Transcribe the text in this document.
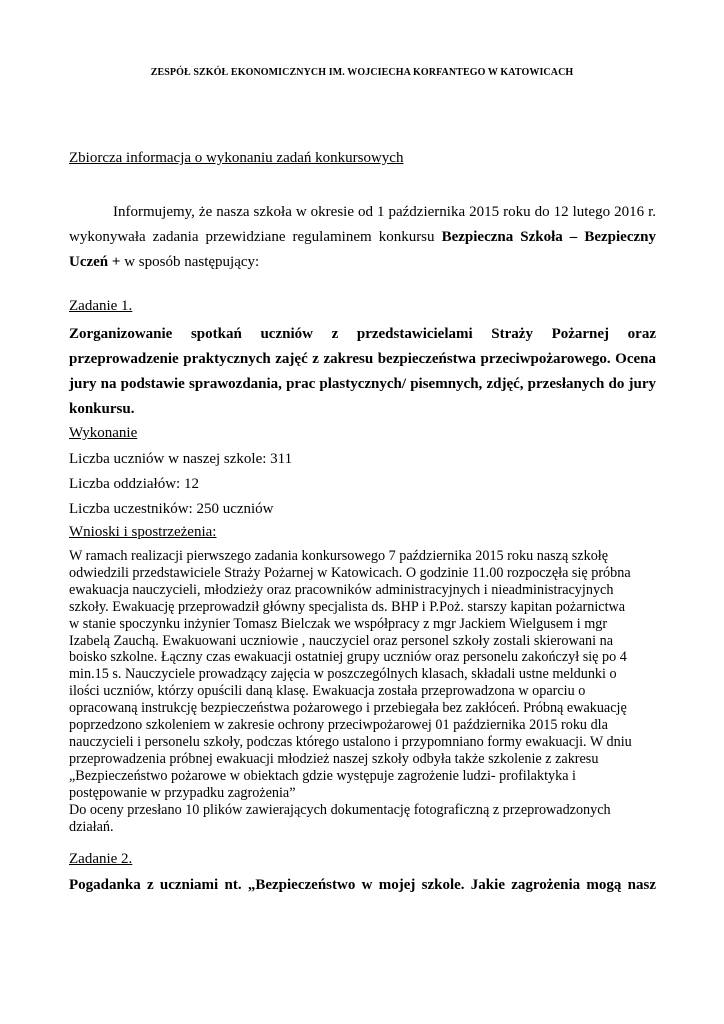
ZESPÓŁ SZKÓŁ EKONOMICZNYCH IM. WOJCIECHA KORFANTEGO W KATOWICACH
Zbiorcza informacja o wykonaniu zadań konkursowych
Informujemy, że nasza szkoła w okresie od 1 października 2015 roku do 12 lutego 2016 r. wykonywała zadania przewidziane regulaminem konkursu Bezpieczna Szkoła – Bezpieczny Uczeń + w sposób następujący:
Zadanie 1.
Zorganizowanie spotkań uczniów z przedstawicielami Straży Pożarnej oraz przeprowadzenie praktycznych zajęć z zakresu bezpieczeństwa przeciwpożarowego. Ocena jury na podstawie sprawozdania, prac plastycznych/ pisemnych, zdjęć, przesłanych do jury konkursu.
Wykonanie
Liczba uczniów w naszej szkole: 311
Liczba oddziałów: 12
Liczba uczestników: 250 uczniów
Wnioski i spostrzeżenia:
W ramach realizacji pierwszego zadania konkursowego 7 października 2015 roku naszą szkołę
odwiedzili przedstawiciele Straży Pożarnej w Katowicach. O godzinie 11.00 rozpoczęła się próbna
ewakuacja nauczycieli, młodzieży oraz pracowników administracyjnych i nieadministracyjnych
szkoły. Ewakuację przeprowadził główny specjalista ds. BHP i P.Poż. starszy kapitan pożarnictwa
w stanie spoczynku inżynier Tomasz Bielczak we współpracy z mgr Jackiem Wielgusem i mgr
Izabelą Zauchą. Ewakuowani uczniowie , nauczyciel oraz personel szkoły zostali skierowani na
boisko szkolne. Łączny czas ewakuacji ostatniej grupy uczniów oraz personelu zakończył się po 4
min.15 s. Nauczyciele prowadzący zajęcia w poszczególnych klasach, składali ustne meldunki o
ilości uczniów, którzy opuścili daną klasę. Ewakuacja została przeprowadzona w oparciu o
opracowaną instrukcję bezpieczeństwa pożarowego i przebiegała bez zakłóceń. Próbną ewakuację
poprzedzono szkoleniem w zakresie ochrony przeciwpożarowej 01 października 2015 roku dla
nauczycieli i personelu szkoły, podczas którego ustalono i przypomniano formy ewakuacji. W dniu
przeprowadzenia próbnej ewakuacji młodzież naszej szkoły odbyła także szkolenie z zakresu
„Bezpieczeństwo pożarowe w obiektach gdzie występuje zagrożenie ludzi- profilaktyka i
postępowanie w przypadku zagrożenia”
Do oceny przesłano 10 plików zawierających dokumentację fotograficzną z przeprowadzonych
działań.
Zadanie 2.
Pogadanka z uczniami nt. „Bezpieczeństwo w mojej szkole. Jakie zagrożenia mogą nasz
